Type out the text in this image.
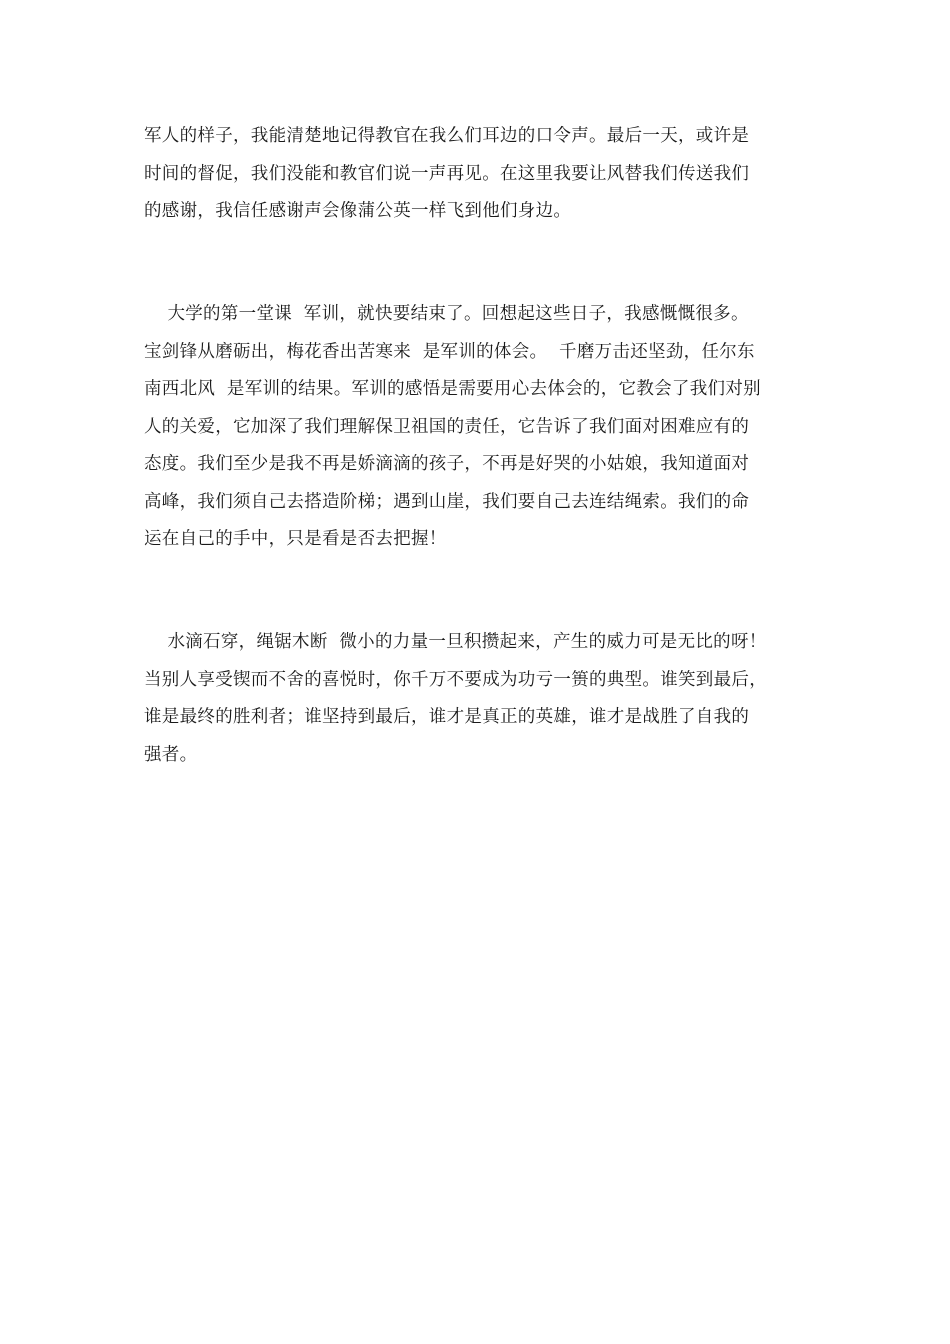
军人的样子，我能清楚地记得教官在我么们耳边的口令声。最后一天，或许是
时间的督促，我们没能和教官们说一声再见。在这里我要让风替我们传送我们
的感谢，我信任感谢声会像蒲公英一样飞到他们身边。

大学的第一堂课  军训，就快要结束了。回想起这些日子，我感慨慨很多。
宝剑锋从磨砺出，梅花香出苦寒来  是军训的体会。  千磨万击还坚劲，任尔东
南西北风  是军训的结果。军训的感悟是需要用心去体会的，它教会了我们对别
人的关爱，它加深了我们理解保卫祖国的责任，它告诉了我们面对困难应有的
态度。我们至少是我不再是娇滴滴的孩子，不再是好哭的小姑娘，我知道面对
高峰，我们须自己去搭造阶梯；遇到山崖，我们要自己去连结绳索。我们的命
运在自己的手中，只是看是否去把握！

水滴石穿，绳锯木断  微小的力量一旦积攒起来，产生的威力可是无比的呀！
当别人享受锲而不舍的喜悦时，你千万不要成为功亏一篑的典型。谁笑到最后，
谁是最终的胜利者；谁坚持到最后，谁才是真正的英雄，谁才是战胜了自我的
强者。
